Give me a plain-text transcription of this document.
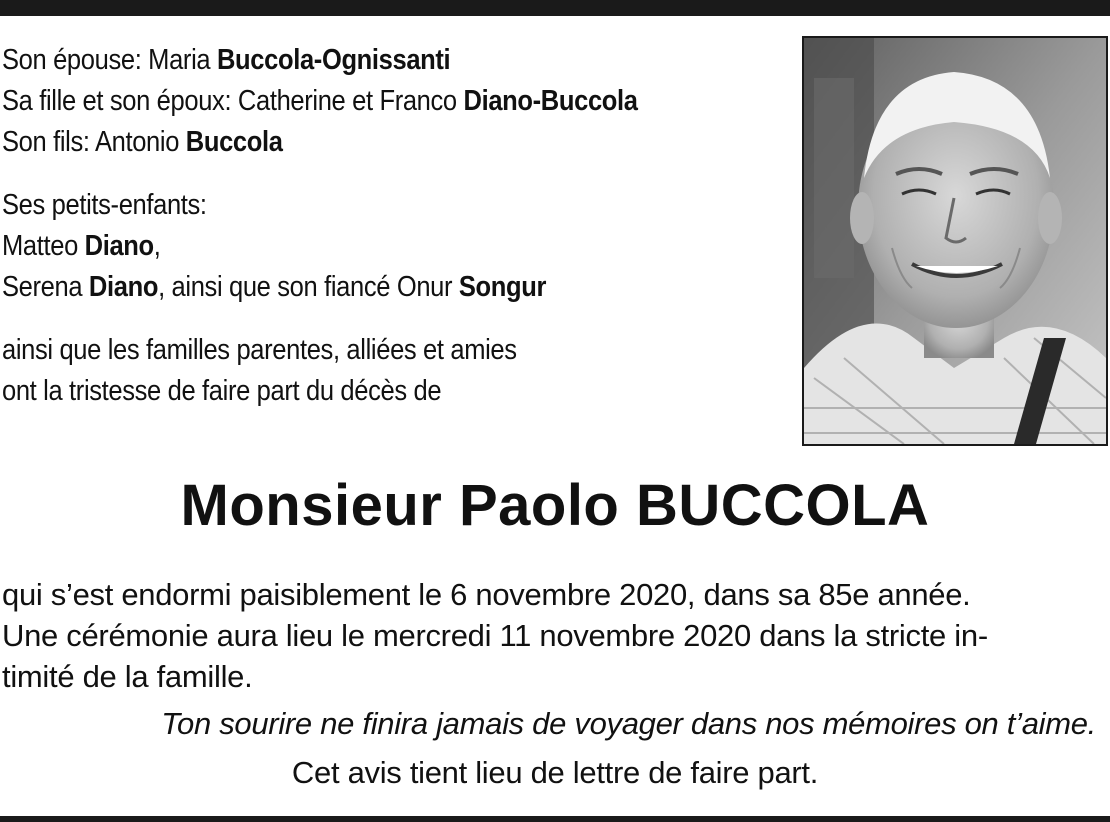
Son épouse: Maria Buccola-Ognissanti
Sa fille et son époux: Catherine et Franco Diano-Buccola
Son fils: Antonio Buccola

Ses petits-enfants:
Matteo Diano,
Serena Diano, ainsi que son fiancé Onur Songur

ainsi que les familles parentes, alliées et amies
ont la tristesse de faire part du décès de

Monsieur Paolo BUCCOLA
qui s’est endormi paisiblement le 6 novembre 2020, dans sa 85e année.
Une cérémonie aura lieu le mercredi 11 novembre 2020 dans la stricte in-
timité de la famille.
Ton sourire ne finira jamais de voyager dans nos mémoires on t’aime.
Cet avis tient lieu de lettre de faire part.
